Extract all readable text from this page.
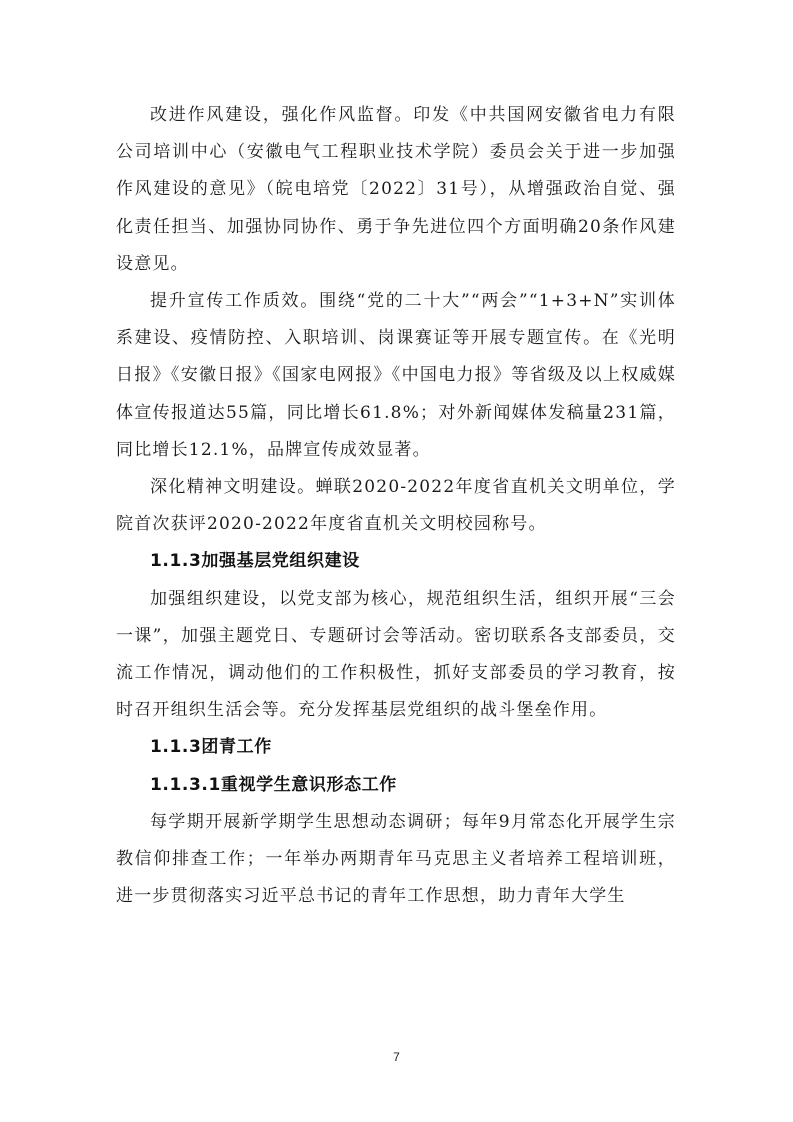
改进作风建设，强化作风监督。印发《中共国网安徽省电力有限公司培训中心（安徽电气工程职业技术学院）委员会关于进一步加强作风建设的意见》（皖电培党〔2022〕31号），从增强政治自觉、强化责任担当、加强协同协作、勇于争先进位四个方面明确20条作风建设意见。

提升宣传工作质效。围绕“党的二十大”“两会”“1+3+N”实训体系建设、疫情防控、入职培训、岗课赛证等开展专题宣传。在《光明日报》《安徽日报》《国家电网报》《中国电力报》等省级及以上权威媒体宣传报道达55篇，同比增长61.8%；对外新闻媒体发稿量231篇，同比增长12.1%，品牌宣传成效显著。

深化精神文明建设。蝉联2020-2022年度省直机关文明单位，学院首次获评2020-2022年度省直机关文明校园称号。

1.1.3加强基层党组织建设

加强组织建设，以党支部为核心，规范组织生活，组织开展“三会一课”，加强主题党日、专题研讨会等活动。密切联系各支部委员，交流工作情况，调动他们的工作积极性，抓好支部委员的学习教育，按时召开组织生活会等。充分发挥基层党组织的战斗堡垒作用。

1.1.3团青工作

1.1.3.1重视学生意识形态工作

每学期开展新学期学生思想动态调研；每年9月常态化开展学生宗教信仰排查工作；一年举办两期青年马克思主义者培养工程培训班，进一步贯彻落实习近平总书记的青年工作思想，助力青年大学生

7
